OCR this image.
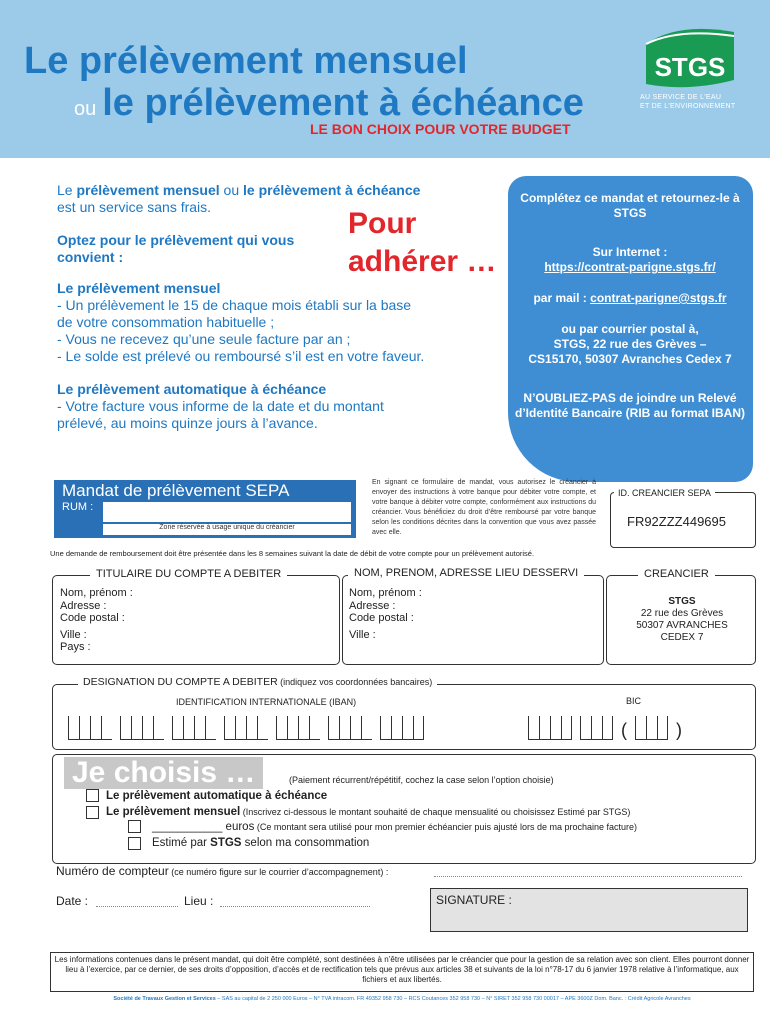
Le prélèvement mensuel
ou le prélèvement à échéance
LE BON CHOIX POUR VOTRE BUDGET
STGS
AU SERVICE DE L'EAU
ET DE L'ENVIRONNEMENT

Le prélèvement mensuel ou le prélèvement à échéance est un service sans frais.

Optez pour le prélèvement qui vous convient :

Le prélèvement mensuel
- Un prélèvement le 15 de chaque mois établi sur la base de votre consommation habituelle ;
- Vous ne recevez qu’une seule facture par an ;
- Le solde est prélevé ou remboursé s’il est en votre faveur.

Le prélèvement automatique à échéance
- Votre facture vous informe de la date et du montant prélevé, au moins quinze jours à l’avance.

Pour
adhérer …
Complétez ce mandat et retournez-le à STGS
Sur Internet :
https://contrat-parigne.stgs.fr/
par mail : contrat-parigne@stgs.fr
ou par courrier postal à,
STGS, 22 rue des Grèves –
CS15170, 50307 Avranches Cedex 7
N’OUBLIEZ-PAS de joindre un Relevé d’Identité Bancaire (RIB au format IBAN)
Mandat de prélèvement SEPA
RUM :
Zone réservée à usage unique du créancier
En signant ce formulaire de mandat, vous autorisez le créancier à envoyer des instructions à votre banque pour débiter votre compte, et votre banque à débiter votre compte, conformément aux instructions du créancier. Vous bénéficiez du droit d’être remboursé par votre banque selon les conditions décrites dans la convention que vous avez passée avec elle.
ID. CREANCIER SEPA
FR92ZZZ449695
Une demande de remboursement doit être présentée dans les 8 semaines suivant la date de débit de votre compte pour un prélèvement autorisé.
TITULAIRE DU COMPTE A DEBITER
Nom, prénom :
Adresse :
Code postal :
Ville :
Pays :
NOM, PRENOM, ADRESSE LIEU DESSERVI
Nom, prénom :
Adresse :
Code postal :
Ville :
CREANCIER
STGS
22 rue des Grèves
50307 AVRANCHES
CEDEX 7
DESIGNATION DU COMPTE A DEBITER (indiquez vos coordonnées bancaires)
IDENTIFICATION INTERNATIONALE (IBAN)	BIC
(	)
Je choisis …	(Paiement récurrent/répétitif, cochez la case selon l’option choisie)
Le prélèvement automatique à échéance
Le prélèvement mensuel (Inscrivez ci-dessous le montant souhaité de chaque mensualité ou choisissez Estimé par STGS)
___________ euros (Ce montant sera utilisé pour mon premier échéancier puis ajusté lors de ma prochaine facture)
Estimé par STGS selon ma consommation
Numéro de compteur (ce numéro figure sur le courrier d’accompagnement) :
Date :	Lieu :	SIGNATURE :
Les informations contenues dans le présent mandat, qui doit être complété, sont destinées à n’être utilisées par le créancier que pour la gestion de sa relation avec son client. Elles pourront donner lieu à l’exercice, par ce dernier, de ses droits d’opposition, d’accès et de rectification tels que prévus aux articles 38 et suivants de la loi n°78-17 du 6 janvier 1978 relative à l’informatique, aux fichiers et aux libertés.
Société de Travaux Gestion et Services – SAS au capital de 2 250 000 Euros – N° TVA intracom. FR 49352 958 730 – RCS Coutances 352 958 730 – N° SIRET 352 958 730 00017 – APE 3600Z Dom. Banc. : Crédit Agricole Avranches
